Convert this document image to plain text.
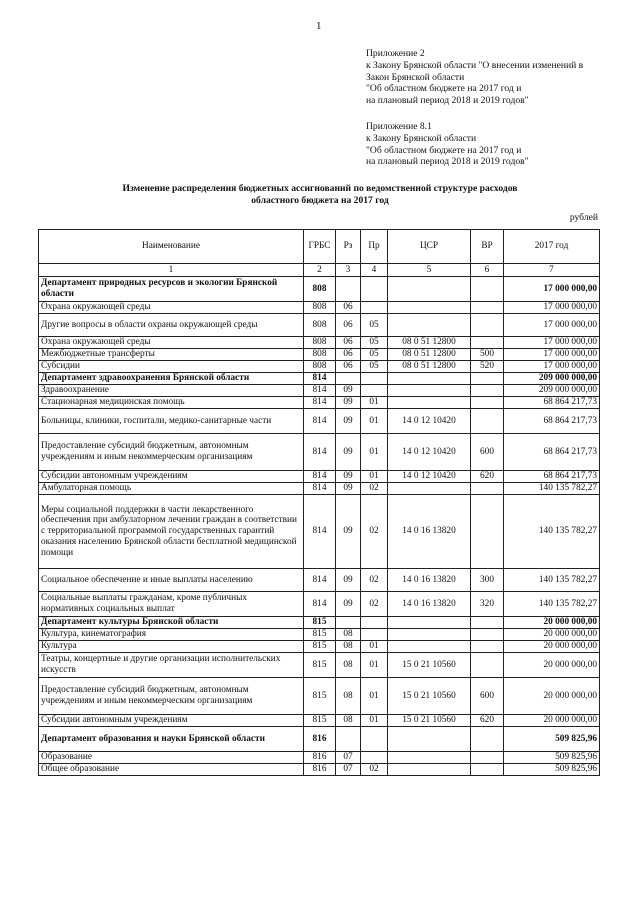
1
Приложение 2
к Закону Брянской области "О внесении изменений в
Закон Брянской области
"Об областном бюджете на 2017 год и
на плановый период 2018 и 2019 годов"
Приложение 8.1
к Закону Брянской области
"Об областном бюджете на 2017 год и
на плановый период 2018 и 2019 годов"
Изменение распределения бюджетных ассигнований по ведомственной структуре расходов
областного бюджета на 2017 год
рублей
Наименование	ГРБС	Рз	Пр	ЦСР	ВР	2017 год
1	2	3	4	5	6	7
Департамент природных ресурсов и экологии Брянской области	808					17 000 000,00
Охрана окружающей среды	808	06				17 000 000,00
Другие вопросы в области охраны окружающей среды	808	06	05			17 000 000,00
Охрана окружающей среды	808	06	05	08 0 51 12800		17 000 000,00
Межбюджетные трансферты	808	06	05	08 0 51 12800	500	17 000 000,00
Субсидии	808	06	05	08 0 51 12800	520	17 000 000,00
Департамент здравоохранения Брянской области	814					209 000 000,00
Здравоохранение	814	09				209 000 000,00
Стационарная медицинская помощь	814	09	01			68 864 217,73
Больницы, клиники, госпитали, медико-санитарные части	814	09	01	14 0 12 10420		68 864 217,73
Предоставление субсидий бюджетным, автономным учреждениям и иным некоммерческим организациям	814	09	01	14 0 12 10420	600	68 864 217,73
Субсидии автономным учреждениям	814	09	01	14 0 12 10420	620	68 864 217,73
Амбулаторная помощь	814	09	02			140 135 782,27
Меры социальной поддержки в части лекарственного обеспечения при амбулаторном лечении граждан в соответствии с территориальной программой государственных гарантий оказания населению Брянской области бесплатной медицинской помощи	814	09	02	14 0 16 13820		140 135 782,27
Социальное обеспечение и иные выплаты населению	814	09	02	14 0 16 13820	300	140 135 782,27
Социальные выплаты гражданам, кроме публичных нормативных социальных выплат	814	09	02	14 0 16 13820	320	140 135 782,27
Департамент культуры Брянской области	815					20 000 000,00
Культура, кинематография	815	08				20 000 000,00
Культура	815	08	01			20 000 000,00
Театры, концертные и другие организации исполнительских искусств	815	08	01	15 0 21 10560		20 000 000,00
Предоставление субсидий бюджетным, автономным учреждениям и иным некоммерческим организациям	815	08	01	15 0 21 10560	600	20 000 000,00
Субсидии автономным учреждениям	815	08	01	15 0 21 10560	620	20 000 000,00
Департамент образования и науки Брянской области	816					509 825,96
Образование	816	07				509 825,96
Общее образование	816	07	02			509 825,96
